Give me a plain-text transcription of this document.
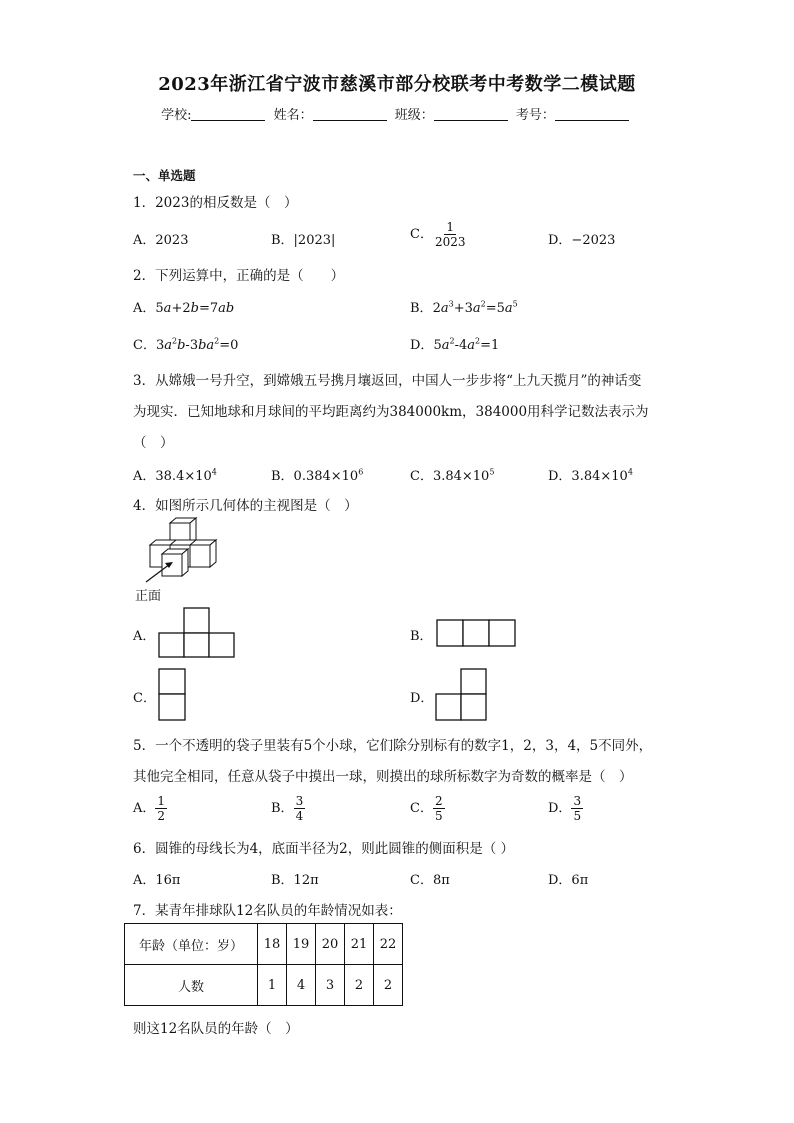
2023年浙江省宁波市慈溪市部分校联考中考数学二模试题
学校:	姓名：	班级：	考号：
一、单选题
1．2023的相反数是（　）
A．2023	B．|2023|	C． $\frac{1}{2023}$	D．−2023
2．下列运算中，正确的是（　　）
A．5a+2b=7ab	B．$2a^3+3a^2=5a^5$
C．$3a^2b-3ba^2=0$	D．$5a^2-4a^2=1$
3．从嫦娥一号升空，到嫦娥五号携月壤返回，中国人一步步将“上九天揽月”的神话变
为现实．已知地球和月球间的平均距离约为384000km，384000用科学记数法表示为
（　）
A．$38.4\times 10^4$	B．$0.384\times 10^6$	C．$3.84\times 10^5$	D．$3.84\times 10^4$
4．如图所示几何体的主视图是（　）
正面
A．	B．
C．	D．
5．一个不透明的袋子里装有5个小球，它们除分别标有的数字1，2，3，4，5不同外，
其他完全相同，任意从袋子中摸出一球，则摸出的球所标数字为奇数的概率是（　）
A． $\frac{1}{2}$	B． $\frac{3}{4}$	C． $\frac{2}{5}$	D． $\frac{3}{5}$
6．圆锥的母线长为4，底面半径为2，则此圆锥的侧面积是（ ）
A．16π	B．12π	C．8π	D．6π
7．某青年排球队12名队员的年龄情况如表：
年龄（单位：岁）	18	19	20	21	22
人数	1	4	3	2	2
则这12名队员的年龄（　）
